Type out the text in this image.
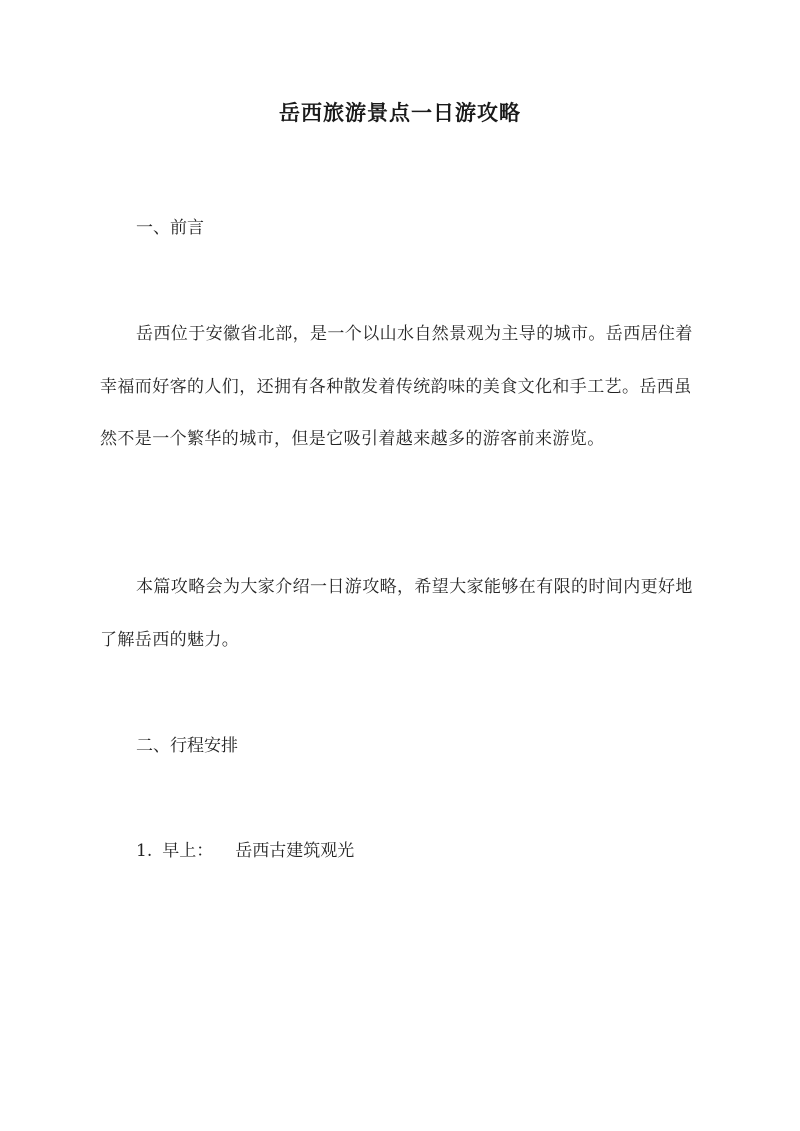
岳西旅游景点一日游攻略
一、前言
岳西位于安徽省北部，是一个以山水自然景观为主导的城市。岳西居住着幸福而好客的人们，还拥有各种散发着传统韵味的美食文化和手工艺。岳西虽然不是一个繁华的城市，但是它吸引着越来越多的游客前来游览。
本篇攻略会为大家介绍一日游攻略，希望大家能够在有限的时间内更好地了解岳西的魅力。
二、行程安排
1. 早上： 岳西古建筑观光
